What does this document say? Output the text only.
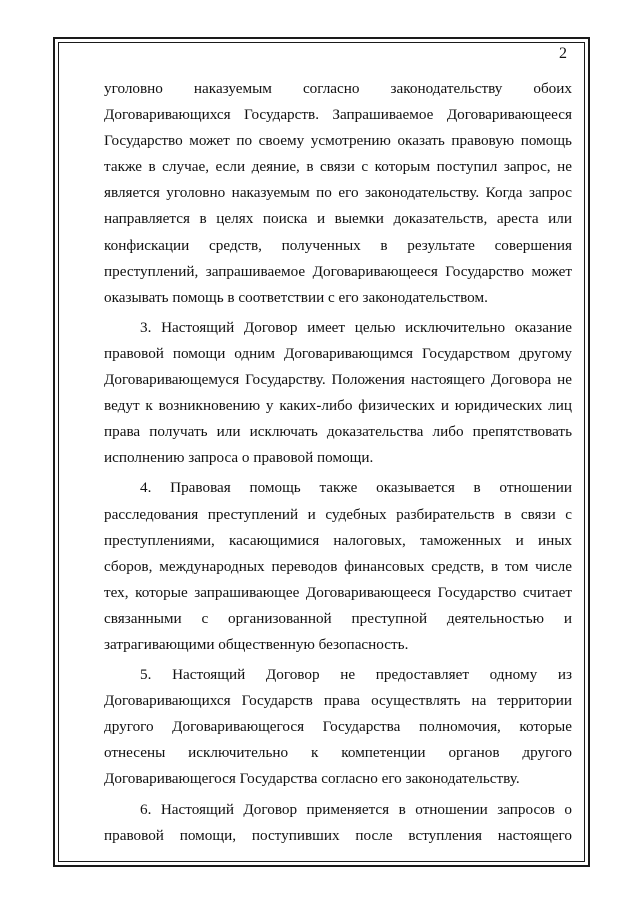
2

уголовно наказуемым согласно законодательству обоих Договаривающихся Государств. Запрашиваемое Договаривающееся Государство может по своему усмотрению оказать правовую помощь также в случае, если деяние, в связи с которым поступил запрос, не является уголовно наказуемым по его законодательству. Когда запрос направляется в целях поиска и выемки доказательств, ареста или конфискации средств, полученных в результате совершения преступлений, запрашиваемое Договаривающееся Государство может оказывать помощь в соответствии с его законодательством.

3. Настоящий Договор имеет целью исключительно оказание правовой помощи одним Договаривающимся Государством другому Договаривающемуся Государству. Положения настоящего Договора не ведут к возникновению у каких-либо физических и юридических лиц права получать или исключать доказательства либо препятствовать исполнению запроса о правовой помощи.

4. Правовая помощь также оказывается в отношении расследования преступлений и судебных разбирательств в связи с преступлениями, касающимися налоговых, таможенных и иных сборов, международных переводов финансовых средств, в том числе тех, которые запрашивающее Договаривающееся Государство считает связанными с организованной преступной деятельностью и затрагивающими общественную безопасность.

5. Настоящий Договор не предоставляет одному из Договаривающихся Государств права осуществлять на территории другого Договаривающегося Государства полномочия, которые отнесены исключительно к компетенции органов другого Договаривающегося Государства согласно его законодательству.

6. Настоящий Договор применяется в отношении запросов о правовой помощи, поступивших после вступления настоящего
